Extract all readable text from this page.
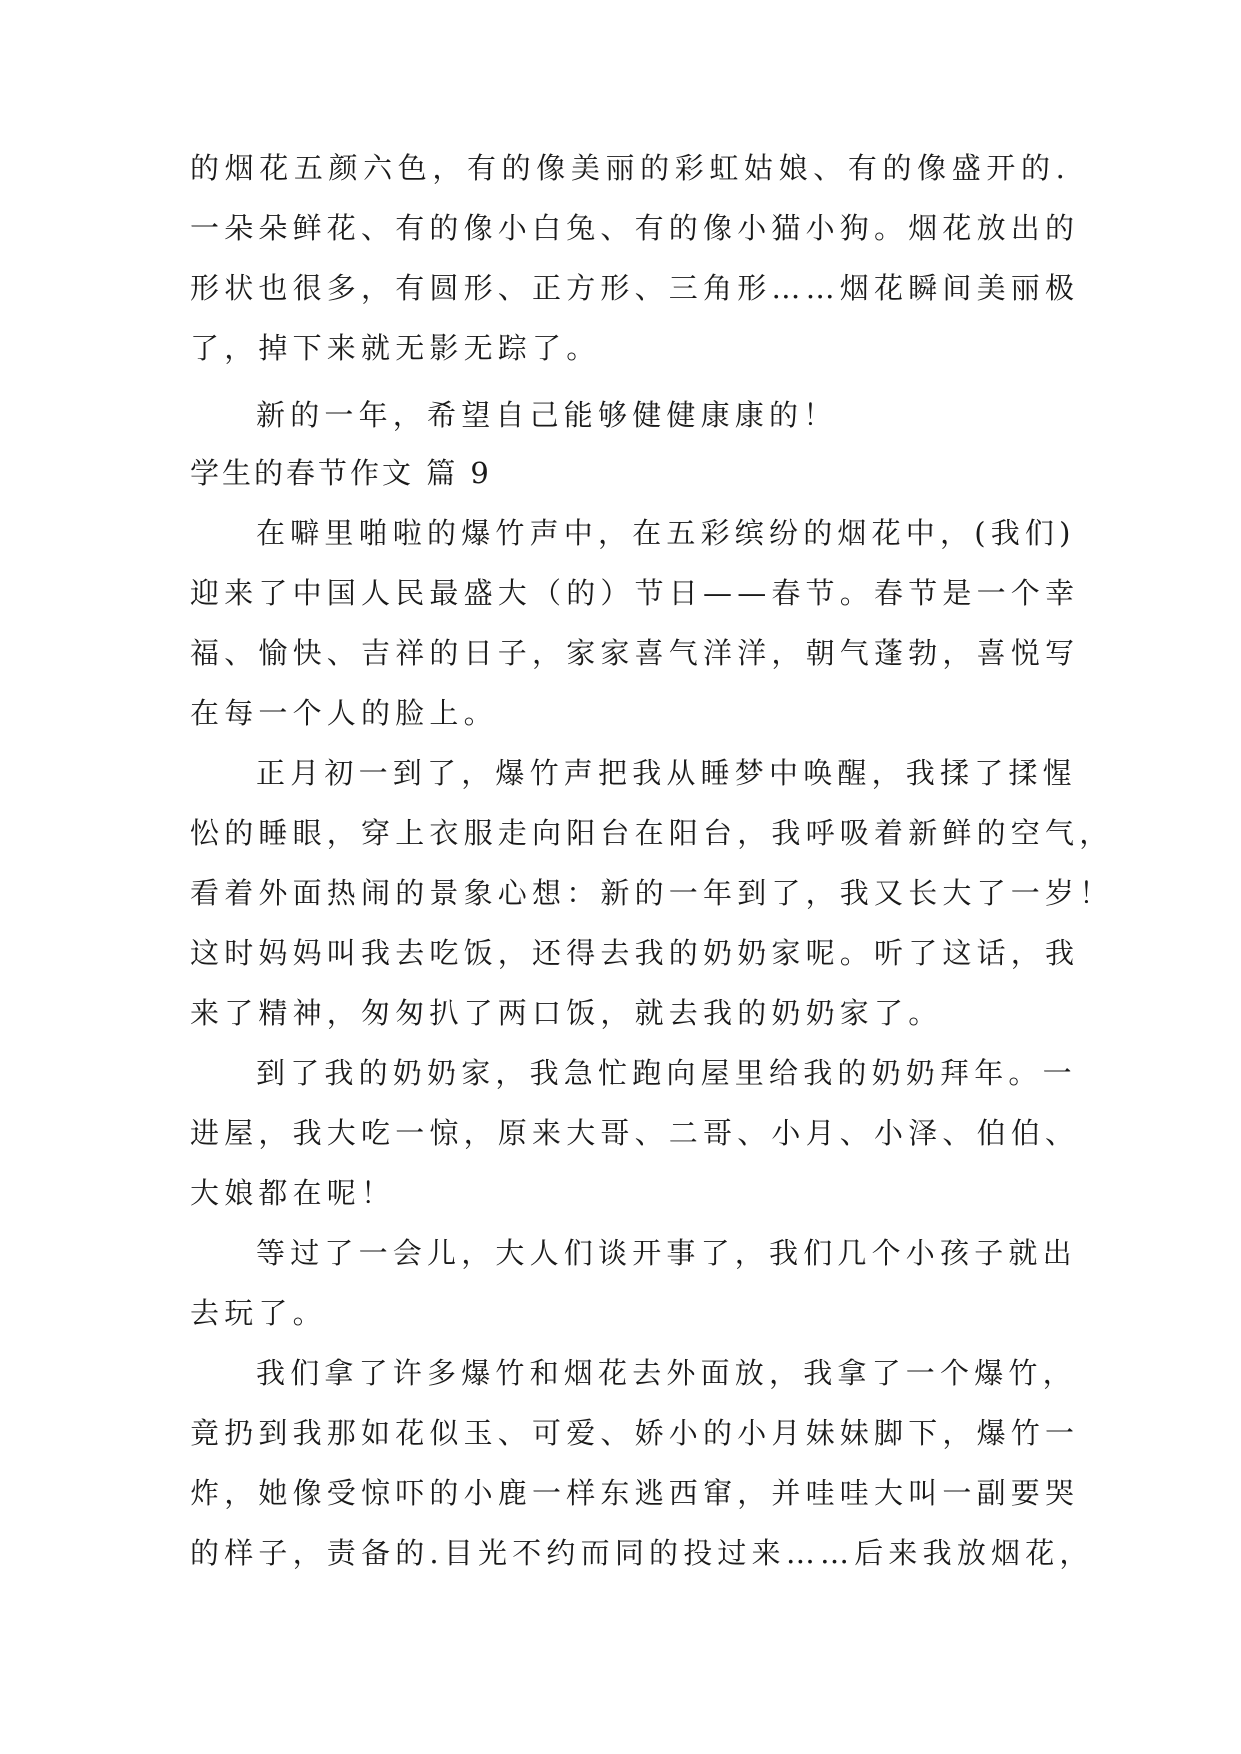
的烟花五颜六色，有的像美丽的彩虹姑娘、有的像盛开的.
一朵朵鲜花、有的像小白兔、有的像小猫小狗。烟花放出的
形状也很多，有圆形、正方形、三角形……烟花瞬间美丽极
了，掉下来就无影无踪了。
新的一年，希望自己能够健健康康的！
学生的春节作文 篇 9
在噼里啪啦的爆竹声中，在五彩缤纷的烟花中，(我们)
迎来了中国人民最盛大（的）节日——春节。春节是一个幸
福、愉快、吉祥的日子，家家喜气洋洋，朝气蓬勃，喜悦写
在每一个人的脸上。
正月初一到了，爆竹声把我从睡梦中唤醒，我揉了揉惺
忪的睡眼，穿上衣服走向阳台在阳台，我呼吸着新鲜的空气，
看着外面热闹的景象心想：新的一年到了，我又长大了一岁！
这时妈妈叫我去吃饭，还得去我的奶奶家呢。听了这话，我
来了精神，匆匆扒了两口饭，就去我的奶奶家了。
到了我的奶奶家，我急忙跑向屋里给我的奶奶拜年。一
进屋，我大吃一惊，原来大哥、二哥、小月、小泽、伯伯、
大娘都在呢！
等过了一会儿，大人们谈开事了，我们几个小孩子就出
去玩了。
我们拿了许多爆竹和烟花去外面放，我拿了一个爆竹，
竟扔到我那如花似玉、可爱、娇小的小月妹妹脚下，爆竹一
炸，她像受惊吓的小鹿一样东逃西窜，并哇哇大叫一副要哭
的样子，责备的.目光不约而同的投过来……后来我放烟花，
